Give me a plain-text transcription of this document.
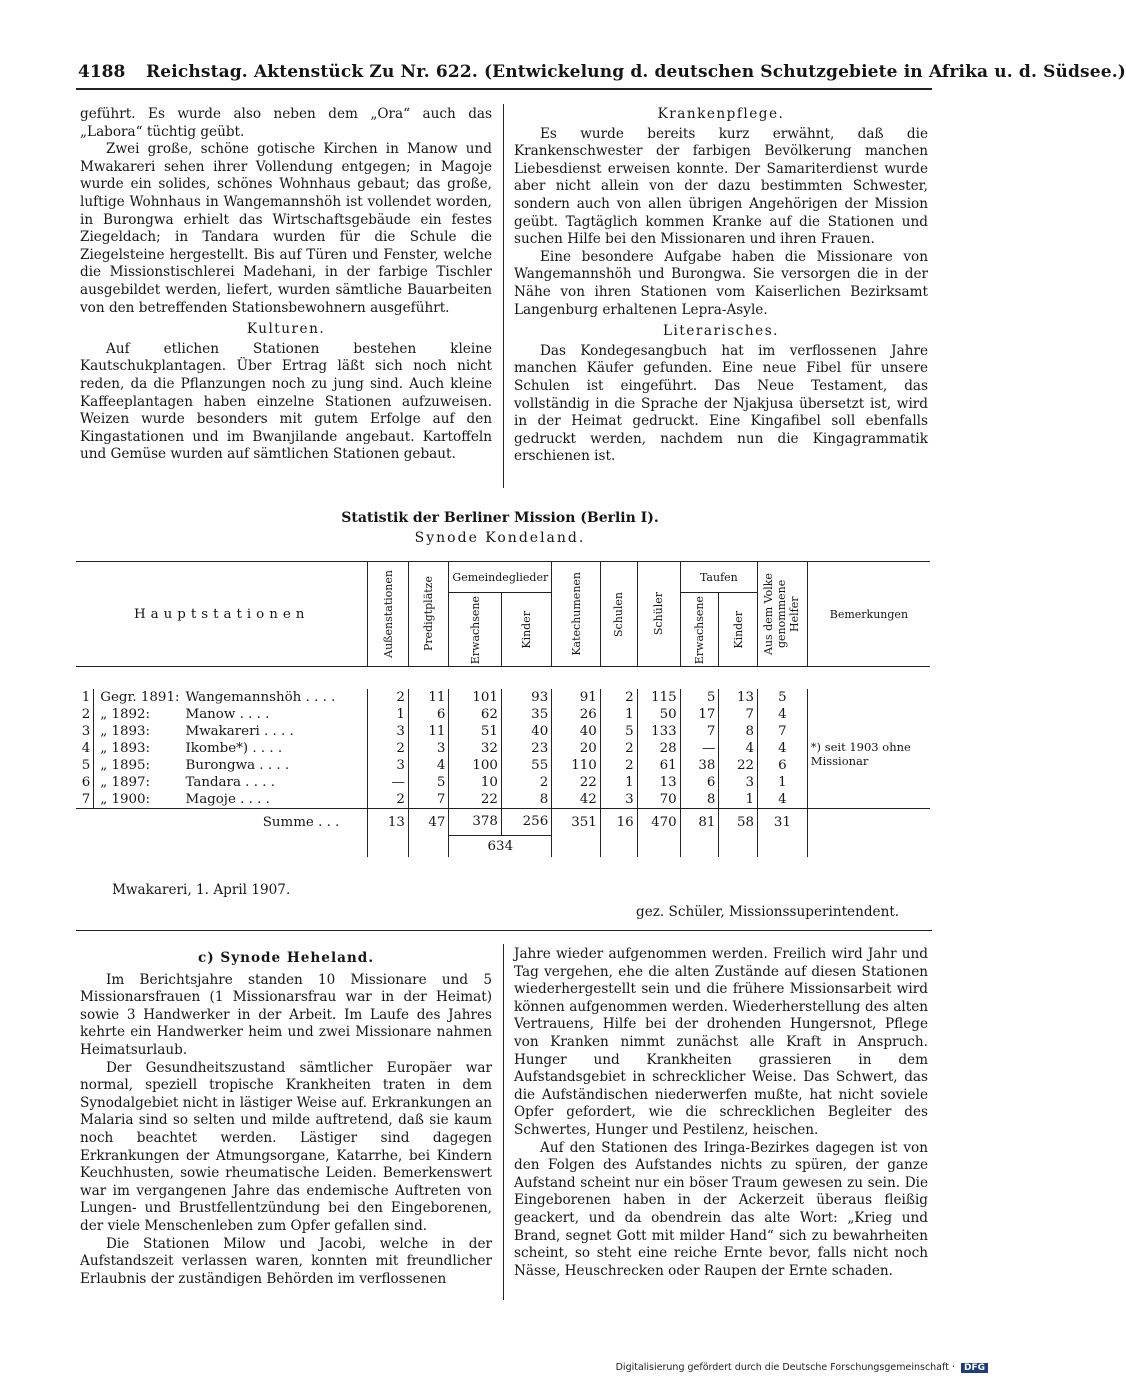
4188 Reichstag. Aktenstück Zu Nr. 622. (Entwickelung d. deutschen Schutzgebiete in Afrika u. d. Südsee.)

geführt. Es wurde also neben dem „Ora“ auch das „Labora“ tüchtig geübt.

Zwei große, schöne gotische Kirchen in Manow und Mwakareri sehen ihrer Vollendung entgegen; in Magoje wurde ein solides, schönes Wohnhaus gebaut; das große, luftige Wohnhaus in Wangemannshöh ist vollendet worden, in Burongwa erhielt das Wirtschaftsgebäude ein festes Ziegeldach; in Tandara wurden für die Schule die Ziegelsteine hergestellt. Bis auf Türen und Fenster, welche die Missionstischlerei Madehani, in der farbige Tischler ausgebildet werden, liefert, wurden sämtliche Bauarbeiten von den betreffenden Stationsbewohnern ausgeführt.

Kulturen.

Auf etlichen Stationen bestehen kleine Kautschukplantagen. Über Ertrag läßt sich noch nicht reden, da die Pflanzungen noch zu jung sind. Auch kleine Kaffeeplantagen haben einzelne Stationen aufzuweisen. Weizen wurde besonders mit gutem Erfolge auf den Kingastationen und im Bwanjilande angebaut. Kartoffeln und Gemüse wurden auf sämtlichen Stationen gebaut.

Krankenpflege.

Es wurde bereits kurz erwähnt, daß die Krankenschwester der farbigen Bevölkerung manchen Liebesdienst erweisen konnte. Der Samariterdienst wurde aber nicht allein von der dazu bestimmten Schwester, sondern auch von allen übrigen Angehörigen der Mission geübt. Tagtäglich kommen Kranke auf die Stationen und suchen Hilfe bei den Missionaren und ihren Frauen.

Eine besondere Aufgabe haben die Missionare von Wangemannshöh und Burongwa. Sie versorgen die in der Nähe von ihren Stationen vom Kaiserlichen Bezirksamt Langenburg erhaltenen Lepra-Asyle.

Literarisches.

Das Kondegesangbuch hat im verflossenen Jahre manchen Käufer gefunden. Eine neue Fibel für unsere Schulen ist eingeführt. Das Neue Testament, das vollständig in die Sprache der Njakjusa übersetzt ist, wird in der Heimat gedruckt. Eine Kingafibel soll ebenfalls gedruckt werden, nachdem nun die Kingagrammatik erschienen ist.

Statistik der Berliner Mission (Berlin I).
Synode Kondeland.
Hauptstationen			Außenstationen	Predigtplätze	Gemeindeglieder		Katechumenen	Schulen	Schüler	Taufen		Aus dem Volke genommene Helfer	Bemerkungen

					Erwachsene	Kinder				Erwachsene	Kinder		

1	Gegr. 1891:	Wangemannshöh . . . .	2	11	101	93	91	2	115	5	13	5	
2	„ 1892:	Manow . . . .	1	6	62	35	26	1	50	17	7	4	
3	„ 1893:	Mwakareri . . . .	3	11	51	40	40	5	133	7	8	7	
4	„ 1893:	Ikombe*) . . . .	2	3	32	23	20	2	28	—	4	4	*) seit 1903 ohne Missionar
5	„ 1895:	Burongwa . . . .	3	4	100	55	110	2	61	38	22	6	
6	„ 1897:	Tandara . . . .	—	5	10	2	22	1	13	6	3	1	
7	„ 1900:	Magoje . . . .	2	7	22	8	42	3	70	8	1	4	
Summe . . .			13	47	378	256	351	16	470	81	58	31	
					634								
Mwakareri, 1. April 1907.
gez. Schüler, Missionssuperintendent.

c) Synode Heheland.

Im Berichtsjahre standen 10 Missionare und 5 Missionarsfrauen (1 Missionarsfrau war in der Heimat) sowie 3 Handwerker in der Arbeit. Im Laufe des Jahres kehrte ein Handwerker heim und zwei Missionare nahmen Heimatsurlaub.

Der Gesundheitszustand sämtlicher Europäer war normal, speziell tropische Krankheiten traten in dem Synodalgebiet nicht in lästiger Weise auf. Erkrankungen an Malaria sind so selten und milde auftretend, daß sie kaum noch beachtet werden. Lästiger sind dagegen Erkrankungen der Atmungsorgane, Katarrhe, bei Kindern Keuchhusten, sowie rheumatische Leiden. Bemerkenswert war im vergangenen Jahre das endemische Auftreten von Lungen- und Brustfellentzündung bei den Eingeborenen, der viele Menschenleben zum Opfer gefallen sind.

Die Stationen Milow und Jacobi, welche in der Aufstandszeit verlassen waren, konnten mit freundlicher Erlaubnis der zuständigen Behörden im verflossenen

Jahre wieder aufgenommen werden. Freilich wird Jahr und Tag vergehen, ehe die alten Zustände auf diesen Stationen wiederhergestellt sein und die frühere Missionsarbeit wird können aufgenommen werden. Wiederherstellung des alten Vertrauens, Hilfe bei der drohenden Hungersnot, Pflege von Kranken nimmt zunächst alle Kraft in Anspruch. Hunger und Krankheiten grassieren in dem Aufstandsgebiet in schrecklicher Weise. Das Schwert, das die Aufständischen niederwerfen mußte, hat nicht soviele Opfer gefordert, wie die schrecklichen Begleiter des Schwertes, Hunger und Pestilenz, heischen.

Auf den Stationen des Iringa-Bezirkes dagegen ist von den Folgen des Aufstandes nichts zu spüren, der ganze Aufstand scheint nur ein böser Traum gewesen zu sein. Die Eingeborenen haben in der Ackerzeit überaus fleißig geackert, und da obendrein das alte Wort: „Krieg und Brand, segnet Gott mit milder Hand“ sich zu bewahrheiten scheint, so steht eine reiche Ernte bevor, falls nicht noch Nässe, Heuschrecken oder Raupen der Ernte schaden.

Digitalisierung gefördert durch die Deutsche Forschungsgemeinschaft · DFG
